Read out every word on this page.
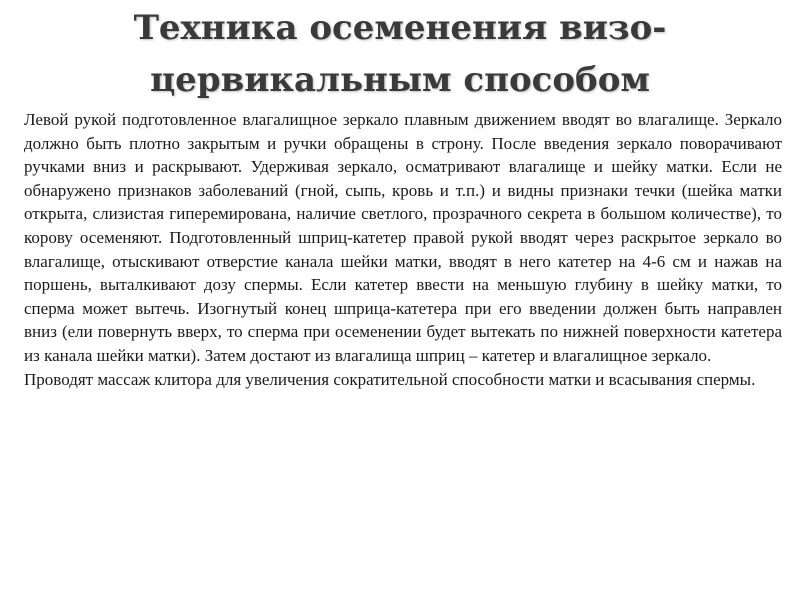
Техника осеменения визо-
цервикальным способом

Левой рукой подготовленное влагалищное зеркало плавным движением вводят во влагалище. Зеркало должно быть плотно закрытым и ручки обращены в строну. После введения зеркало поворачивают ручками вниз и раскрывают. Удерживая зеркало, осматривают влагалище и шейку матки. Если не обнаружено признаков заболеваний (гной, сыпь, кровь и т.п.) и видны признаки течки (шейка матки открыта, слизистая гиперемирована, наличие светлого, прозрачного секрета в большом количестве), то корову осеменяют. Подготовленный шприц-катетер правой рукой вводят через раскрытое зеркало во влагалище, отыскивают отверстие канала шейки матки, вводят в него катетер на 4-6 см и нажав на поршень, выталкивают дозу спермы. Если катетер ввести на меньшую глубину в шейку матки, то сперма может вытечь. Изогнутый конец шприца-катетера при его введении должен быть направлен вниз (ели повернуть вверх, то сперма при осеменении будет вытекать по нижней поверхности катетера из канала шейки матки). Затем достают из влагалища шприц – катетер и влагалищное зеркало.

Проводят массаж клитора для увеличения сократительной способности матки и всасывания спермы.
